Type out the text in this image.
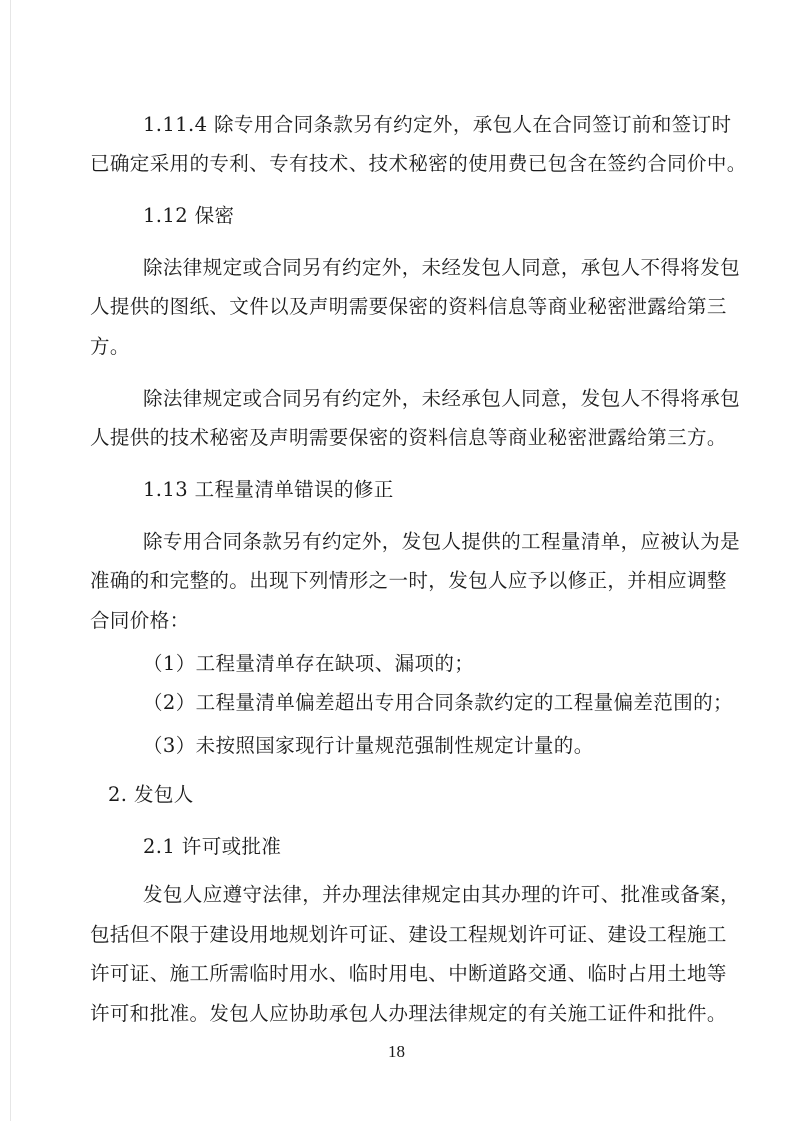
1.11.4 除专用合同条款另有约定外，承包人在合同签订前和签订时
已确定采用的专利、专有技术、技术秘密的使用费已包含在签约合同价中。
1.12 保密
除法律规定或合同另有约定外，未经发包人同意，承包人不得将发包
人提供的图纸、文件以及声明需要保密的资料信息等商业秘密泄露给第三
方。
除法律规定或合同另有约定外，未经承包人同意，发包人不得将承包
人提供的技术秘密及声明需要保密的资料信息等商业秘密泄露给第三方。
1.13 工程量清单错误的修正
除专用合同条款另有约定外，发包人提供的工程量清单，应被认为是
准确的和完整的。出现下列情形之一时，发包人应予以修正，并相应调整
合同价格：
（1）工程量清单存在缺项、漏项的；
（2）工程量清单偏差超出专用合同条款约定的工程量偏差范围的；
（3）未按照国家现行计量规范强制性规定计量的。
2. 发包人
2.1 许可或批准
发包人应遵守法律，并办理法律规定由其办理的许可、批准或备案，
包括但不限于建设用地规划许可证、建设工程规划许可证、建设工程施工
许可证、施工所需临时用水、临时用电、中断道路交通、临时占用土地等
许可和批准。发包人应协助承包人办理法律规定的有关施工证件和批件。
18
